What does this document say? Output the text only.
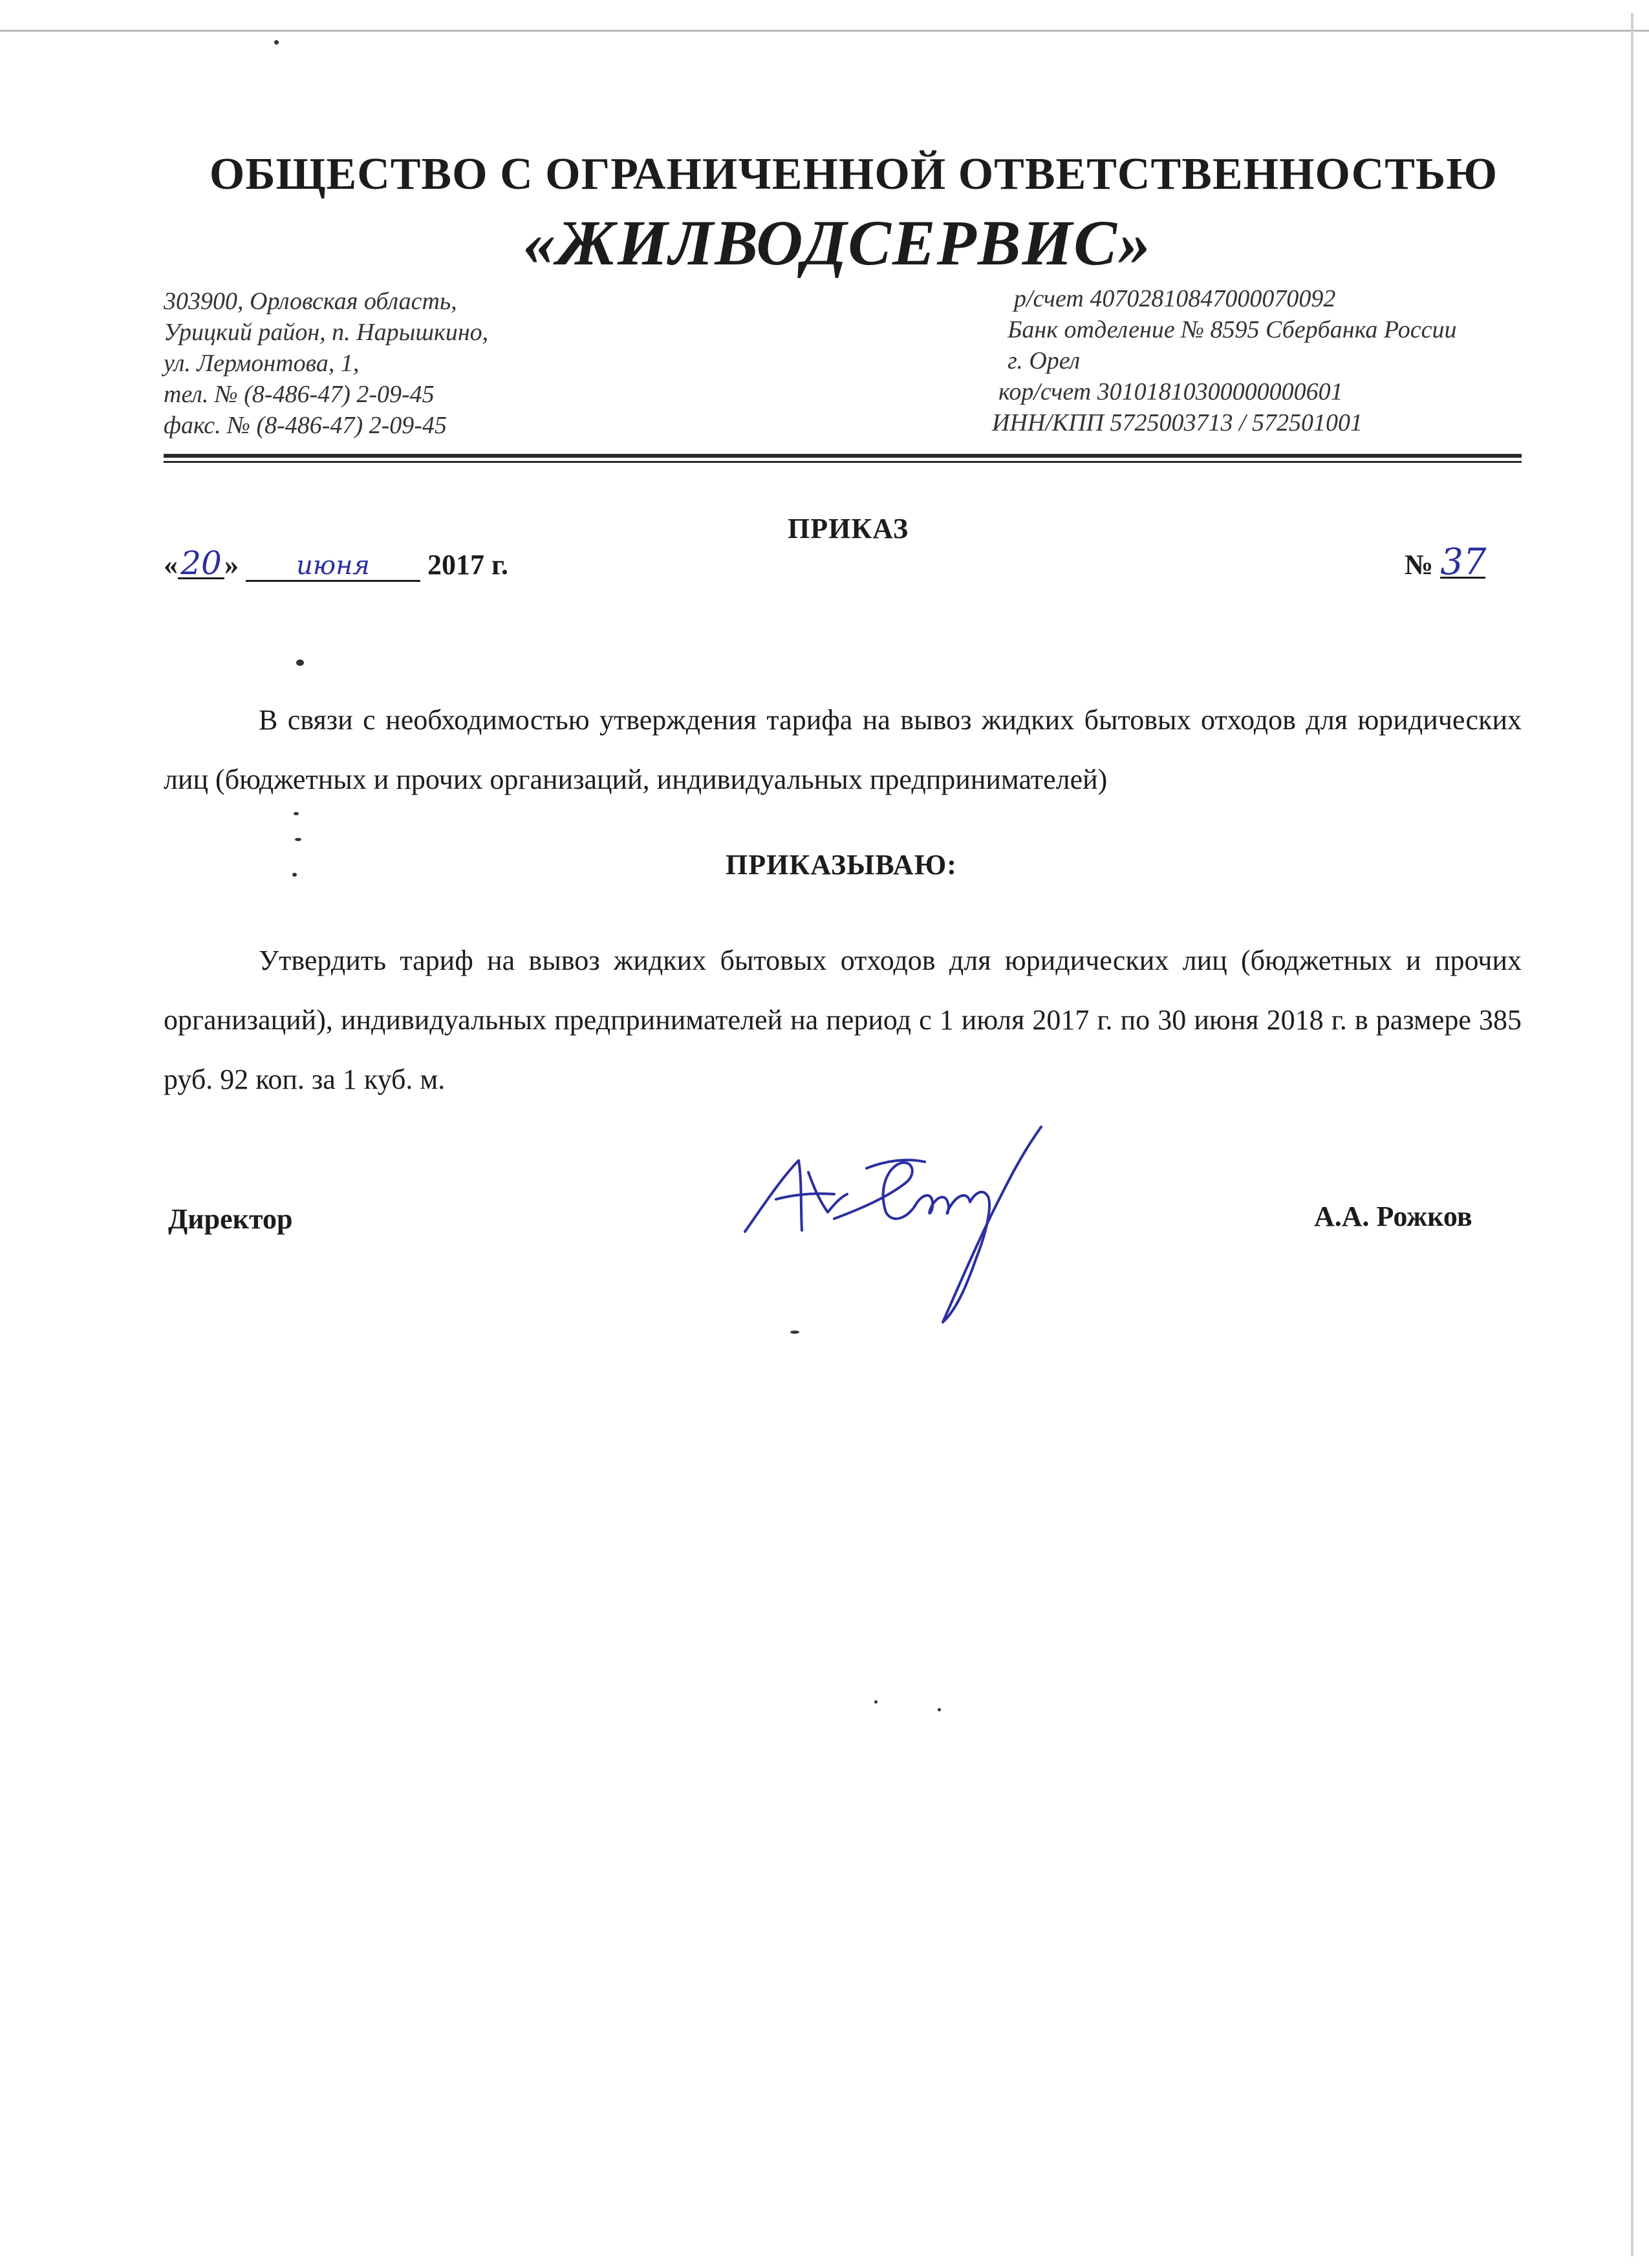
ОБЩЕСТВО С ОГРАНИЧЕННОЙ ОТВЕТСТВЕННОСТЬЮ
«ЖИЛВОДСЕРВИС»
303900, Орловская область,
Урицкий район, п. Нарышкино,
ул. Лермонтова, 1,
тел. № (8-486-47) 2-09-45
факс. № (8-486-47) 2-09-45
р/счет 40702810847000070092
Банк отделение № 8595 Сбербанка России
г. Орел
кор/счет 30101810300000000601
ИНН/КПП 5725003713 / 572501001
ПРИКАЗ
«20» июня 2017 г.	№ 37
В связи с необходимостью утверждения тарифа на вывоз жидких бытовых отходов для юридических лиц (бюджетных и прочих организаций, индивидуальных предпринимателей)
ПРИКАЗЫВАЮ:
Утвердить тариф на вывоз жидких бытовых отходов для юридических лиц (бюджетных и прочих организаций), индивидуальных предпринимателей на период с 1 июля 2017 г. по 30 июня 2018 г. в размере 385 руб. 92 коп. за 1 куб. м.
Директор	А.А. Рожков
